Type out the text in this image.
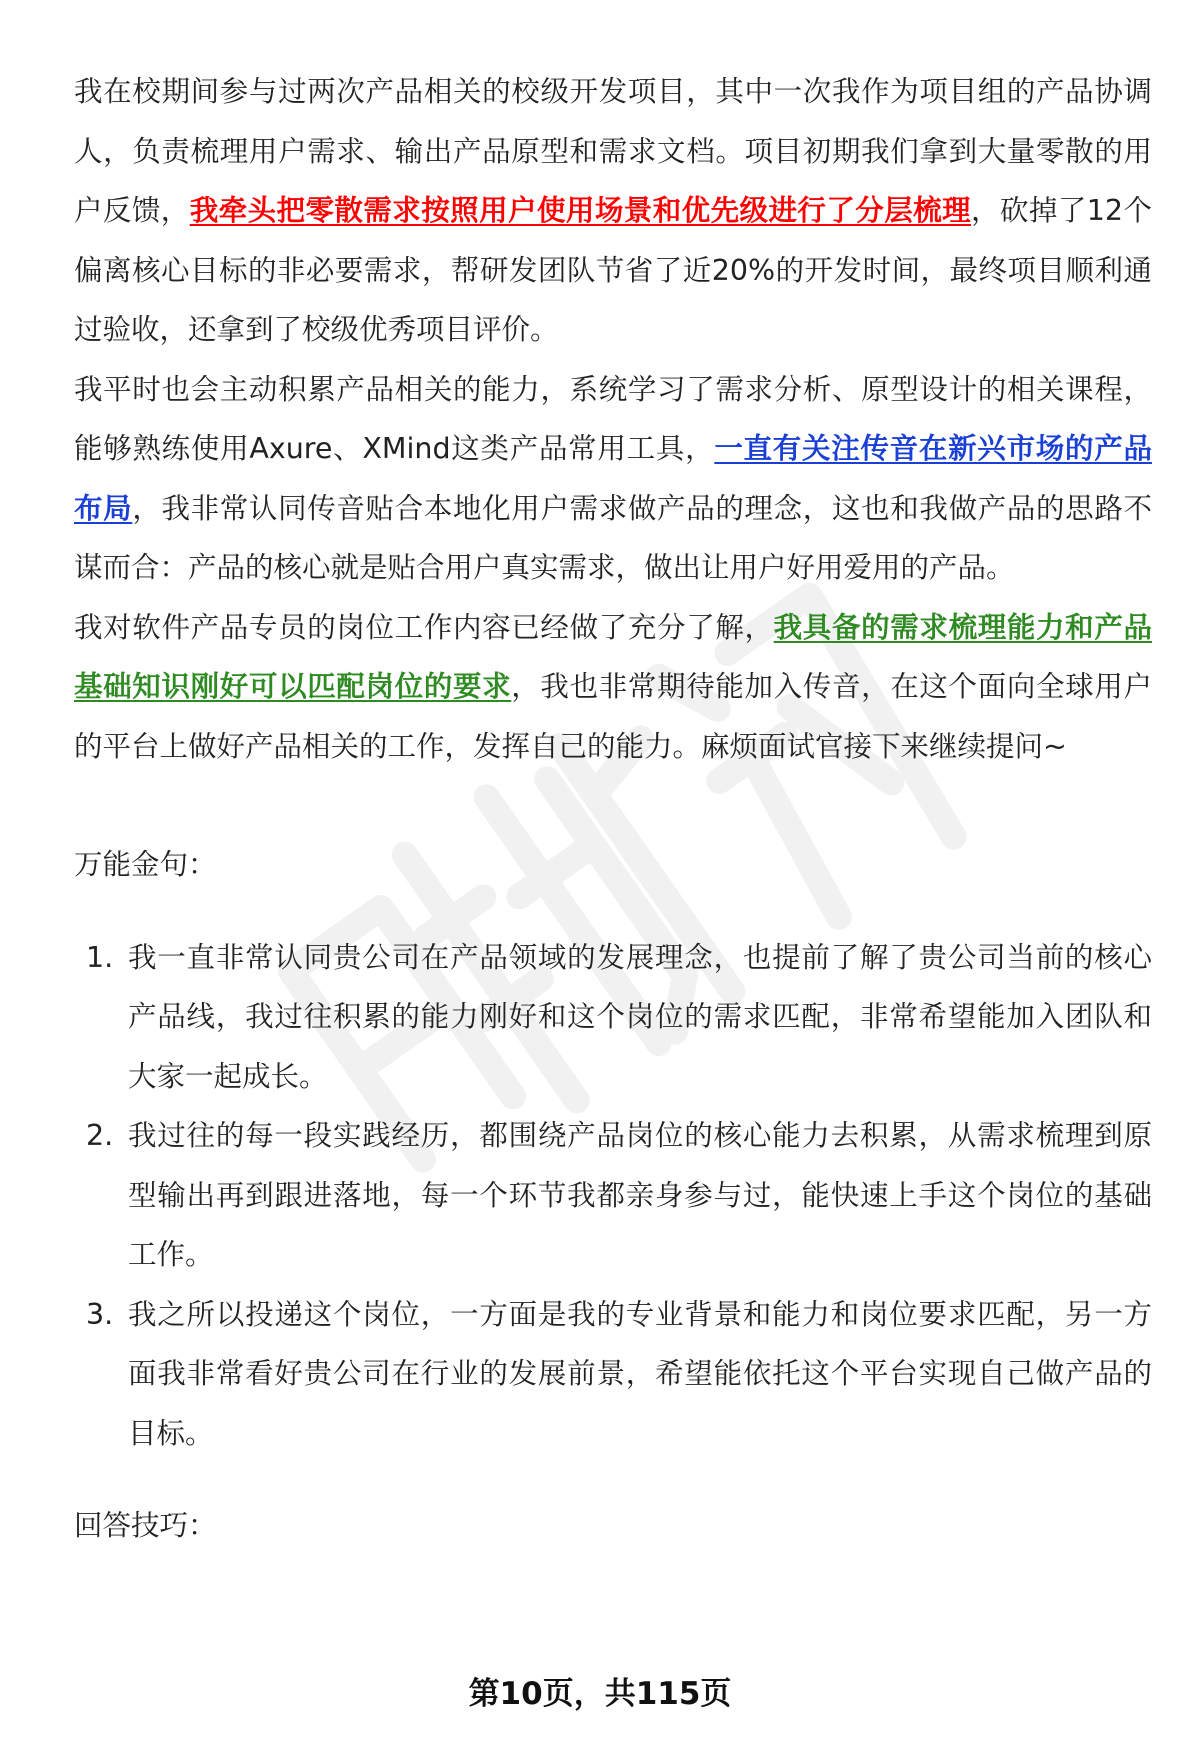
我在校期间参与过两次产品相关的校级开发项目，其中一次我作为项目组的产品协调人，负责梳理用户需求、输出产品原型和需求文档。项目初期我们拿到大量零散的用户反馈，我牵头把零散需求按照用户使用场景和优先级进行了分层梳理，砍掉了12个偏离核心目标的非必要需求，帮研发团队节省了近20%的开发时间，最终项目顺利通过验收，还拿到了校级优秀项目评价。

我平时也会主动积累产品相关的能力，系统学习了需求分析、原型设计的相关课程，能够熟练使用Axure、XMind这类产品常用工具，一直有关注传音在新兴市场的产品布局，我非常认同传音贴合本地化用户需求做产品的理念，这也和我做产品的思路不谋而合：产品的核心就是贴合用户真实需求，做出让用户好用爱用的产品。

我对软件产品专员的岗位工作内容已经做了充分了解，我具备的需求梳理能力和产品基础知识刚好可以匹配岗位的要求，我也非常期待能加入传音，在这个面向全球用户的平台上做好产品相关的工作，发挥自己的能力。麻烦面试官接下来继续提问~

万能金句：

1. 我一直非常认同贵公司在产品领域的发展理念，也提前了解了贵公司当前的核心产品线，我过往积累的能力刚好和这个岗位的需求匹配，非常希望能加入团队和大家一起成长。
2. 我过往的每一段实践经历，都围绕产品岗位的核心能力去积累，从需求梳理到原型输出再到跟进落地，每一个环节我都亲身参与过，能快速上手这个岗位的基础工作。
3. 我之所以投递这个岗位，一方面是我的专业背景和能力和岗位要求匹配，另一方面我非常看好贵公司在行业的发展前景，希望能依托这个平台实现自己做产品的目标。

回答技巧：

第10页，共115页
